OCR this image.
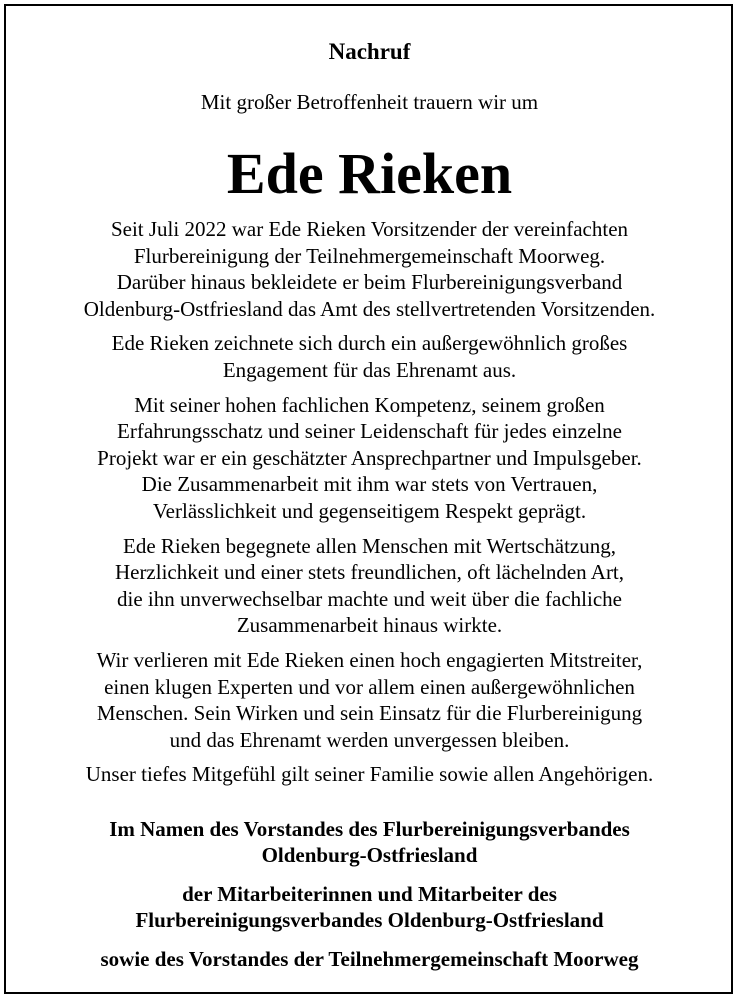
Nachruf
Mit großer Betroffenheit trauern wir um
Ede Rieken

Seit Juli 2022 war Ede Rieken Vorsitzender der vereinfachten
Flurbereinigung der Teilnehmergemeinschaft Moorweg.
Darüber hinaus bekleidete er beim Flurbereinigungsverband
Oldenburg-Ostfriesland das Amt des stellvertretenden Vorsitzenden.

Ede Rieken zeichnete sich durch ein außergewöhnlich großes
Engagement für das Ehrenamt aus.

Mit seiner hohen fachlichen Kompetenz, seinem großen
Erfahrungsschatz und seiner Leidenschaft für jedes einzelne
Projekt war er ein geschätzter Ansprechpartner und Impulsgeber.
Die Zusammenarbeit mit ihm war stets von Vertrauen,
Verlässlichkeit und gegenseitigem Respekt geprägt.

Ede Rieken begegnete allen Menschen mit Wertschätzung,
Herzlichkeit und einer stets freundlichen, oft lächelnden Art,
die ihn unverwechselbar machte und weit über die fachliche
Zusammenarbeit hinaus wirkte.

Wir verlieren mit Ede Rieken einen hoch engagierten Mitstreiter,
einen klugen Experten und vor allem einen außergewöhnlichen
Menschen. Sein Wirken und sein Einsatz für die Flurbereinigung
und das Ehrenamt werden unvergessen bleiben.

Unser tiefes Mitgefühl gilt seiner Familie sowie allen Angehörigen.

Im Namen des Vorstandes des Flurbereinigungsverbandes
Oldenburg-Ostfriesland

der Mitarbeiterinnen und Mitarbeiter des
Flurbereinigungsverbandes Oldenburg-Ostfriesland

sowie des Vorstandes der Teilnehmergemeinschaft Moorweg
